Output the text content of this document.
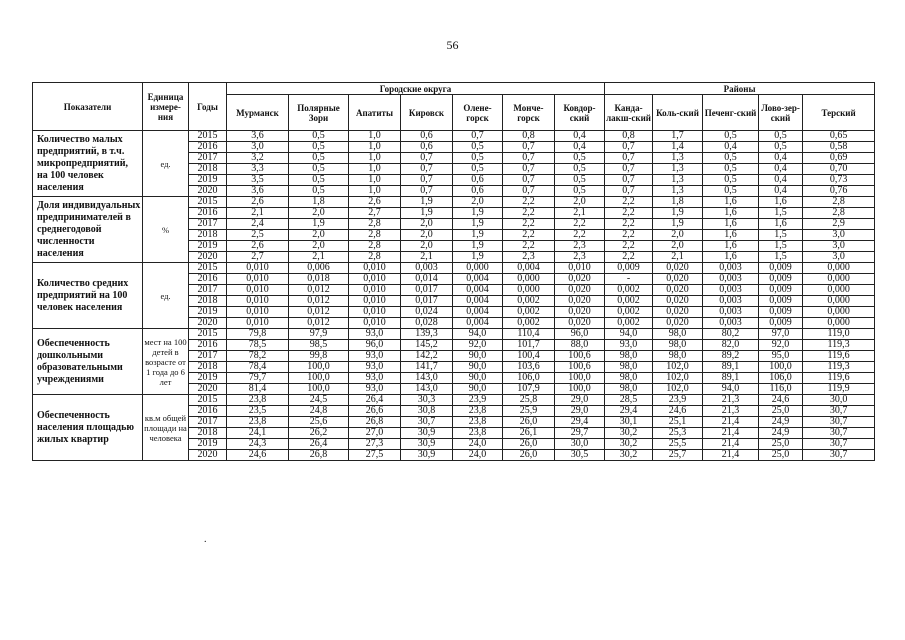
56
Показатели	Единица измере-ния	Годы	Городские округа							Районы				
			Мурманск	Полярные Зори	Апатиты	Кировск	Олене-горск	Монче-горск	Ковдор-ский	Канда-лакш-ский	Коль-ский	Печенг-ский	Лово-зер-ский	Терский
Количество малых предприятий, в т.ч. микропредприятий, на 100 человек населения	ед.	2015	3,6	0,5	1,0	0,6	0,7	0,8	0,4	0,8	1,7	0,5	0,5	0,65
		2016	3,0	0,5	1,0	0,6	0,5	0,7	0,4	0,7	1,4	0,4	0,5	0,58
		2017	3,2	0,5	1,0	0,7	0,5	0,7	0,5	0,7	1,3	0,5	0,4	0,69
		2018	3,3	0,5	1,0	0,7	0,5	0,7	0,5	0,7	1,3	0,5	0,4	0,70
		2019	3,5	0,5	1,0	0,7	0,6	0,7	0,5	0,7	1,3	0,5	0,4	0,73
		2020	3,6	0,5	1,0	0,7	0,6	0,7	0,5	0,7	1,3	0,5	0,4	0,76
Доля индивидуальных предпринимателей в среднегодовой численности населения	%	2015	2,6	1,8	2,6	1,9	2,0	2,2	2,0	2,2	1,8	1,6	1,6	2,8
		2016	2,1	2,0	2,7	1,9	1,9	2,2	2,1	2,2	1,9	1,6	1,5	2,8
		2017	2,4	1,9	2,8	2,0	1,9	2,2	2,2	2,2	1,9	1,6	1,6	2,9
		2018	2,5	2,0	2,8	2,0	1,9	2,2	2,2	2,2	2,0	1,6	1,5	3,0
		2019	2,6	2,0	2,8	2,0	1,9	2,2	2,3	2,2	2,0	1,6	1,5	3,0
		2020	2,7	2,1	2,8	2,1	1,9	2,3	2,3	2,2	2,1	1,6	1,5	3,0
Количество средних предприятий на 100 человек населения	ед.	2015	0,010	0,006	0,010	0,003	0,000	0,004	0,010	0,009	0,020	0,003	0,009	0,000
		2016	0,010	0,018	0,010	0,014	0,004	0,000	0,020	-	0,020	0,003	0,009	0,000
		2017	0,010	0,012	0,010	0,017	0,004	0,000	0,020	0,002	0,020	0,003	0,009	0,000
		2018	0,010	0,012	0,010	0,017	0,004	0,002	0,020	0,002	0,020	0,003	0,009	0,000
		2019	0,010	0,012	0,010	0,024	0,004	0,002	0,020	0,002	0,020	0,003	0,009	0,000
		2020	0,010	0,012	0,010	0,028	0,004	0,002	0,020	0,002	0,020	0,003	0,009	0,000
Обеспеченность дошкольными образовательными учреждениями	мест на 100 детей в возрасте от 1 года до 6 лет	2015	79,8	97,9	93,0	139,3	94,0	110,4	96,0	94,0	98,0	80,2	97,0	119,0
		2016	78,5	98,5	96,0	145,2	92,0	101,7	88,0	93,0	98,0	82,0	92,0	119,3
		2017	78,2	99,8	93,0	142,2	90,0	100,4	100,6	98,0	98,0	89,2	95,0	119,6
		2018	78,4	100,0	93,0	141,7	90,0	103,6	100,6	98,0	102,0	89,1	100,0	119,3
		2019	79,7	100,0	93,0	143,0	90,0	106,0	100,0	98,0	102,0	89,1	106,0	119,6
		2020	81,4	100,0	93,0	143,0	90,0	107,9	100,0	98,0	102,0	94,0	116,0	119,9
Обеспеченность населения площадью жилых квартир	кв.м общей площади на человека	2015	23,8	24,5	26,4	30,3	23,9	25,8	29,0	28,5	23,9	21,3	24,6	30,0
		2016	23,5	24,8	26,6	30,8	23,8	25,9	29,0	29,4	24,6	21,3	25,0	30,7
		2017	23,8	25,6	26,8	30,7	23,8	26,0	29,4	30,1	25,1	21,4	24,9	30,7
		2018	24,1	26,2	27,0	30,9	23,8	26,1	29,7	30,2	25,3	21,4	24,9	30,7
		2019	24,3	26,4	27,3	30,9	24,0	26,0	30,0	30,2	25,5	21,4	25,0	30,7
		2020	24,6	26,8	27,5	30,9	24,0	26,0	30,5	30,2	25,7	21,4	25,0	30,7
.
